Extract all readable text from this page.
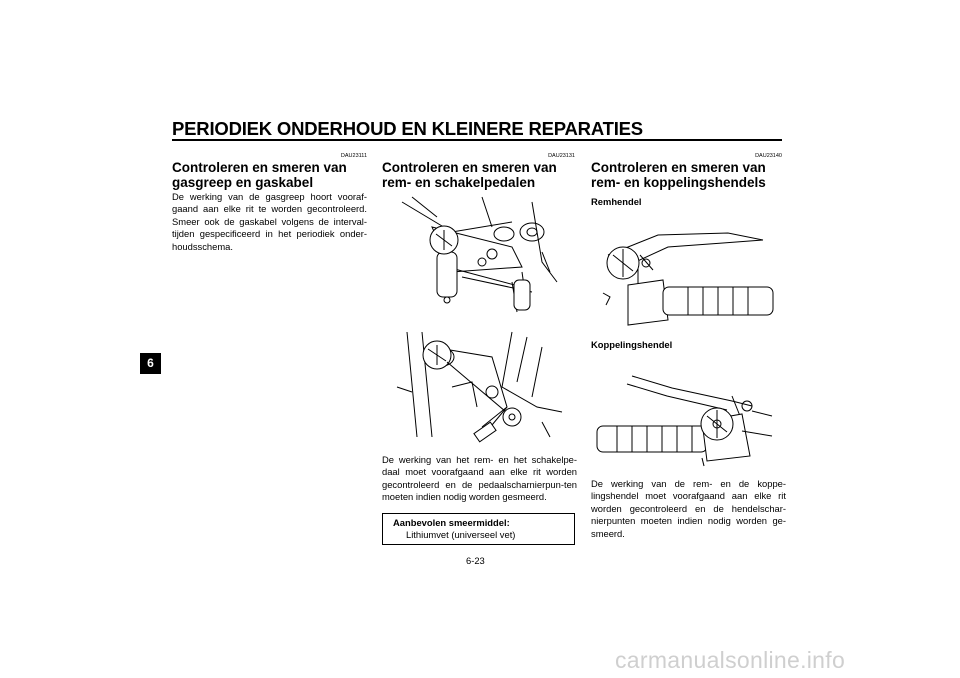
PERIODIEK ONDERHOUD EN KLEINERE REPARATIES
6
DAU23111
Controleren en smeren van gasgreep en gaskabel
De werking van de gasgreep hoort vooraf-gaand aan elke rit te worden gecontroleerd. Smeer ook de gaskabel volgens de interval-tijden gespecificeerd in het periodiek onder-houdsschema.
DAU23131
Controleren en smeren van rem- en schakelpedalen
De werking van het rem- en het schakelpe-daal moet voorafgaand aan elke rit worden gecontroleerd en de pedaalscharnierpun-ten moeten indien nodig worden gesmeerd.
Aanbevolen smeermiddel:
Lithiumvet (universeel vet)
DAU23140
Controleren en smeren van rem- en koppelingshendels
Remhendel
Koppelingshendel
De werking van de rem- en de koppe-lingshendel moet voorafgaand aan elke rit worden gecontroleerd en de hendelschar-nierpunten moeten indien nodig worden ge-smeerd.
6-23
carmanualsonline.info
